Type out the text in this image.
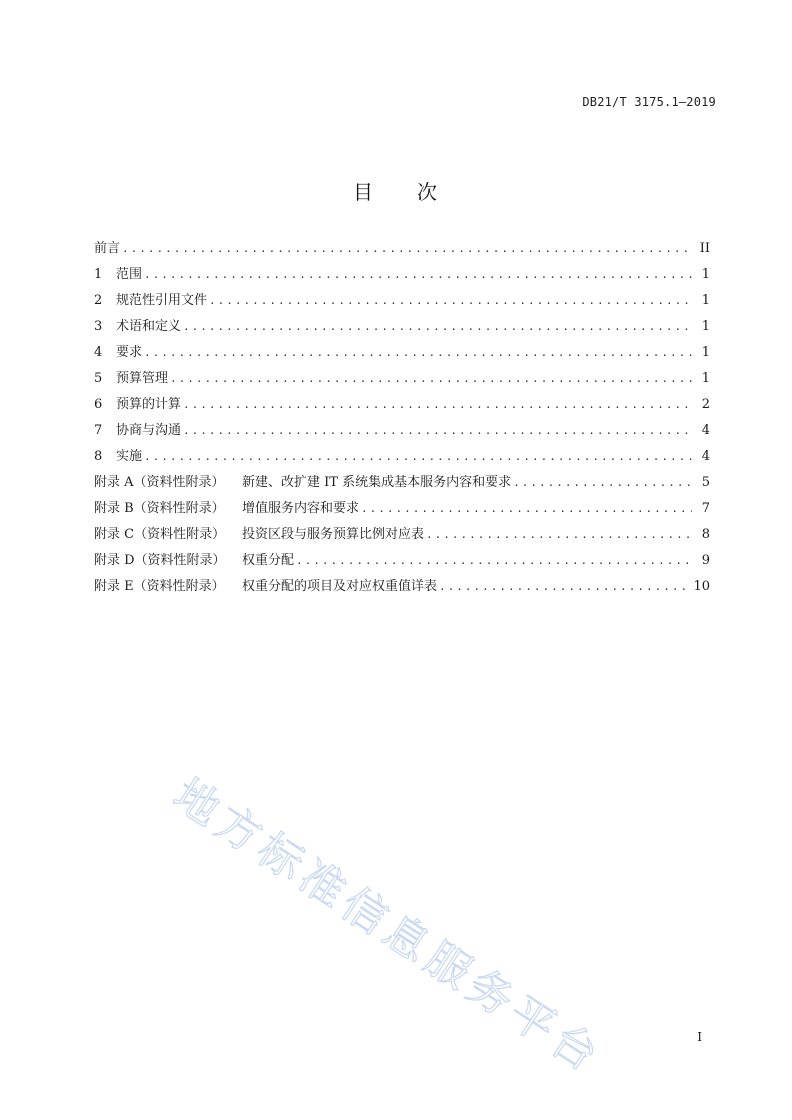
DB21/T 3175.1—2019
目 次
前言 .....	II
1	范围 .....	1
2	规范性引用文件 .....	1
3	术语和定义 .....	1
4	要求 .....	1
5	预算管理 .....	1
6	预算的计算 .....	2
7	协商与沟通 .....	4
8	实施 .....	4
附录 A（资料性附录）	新建、改扩建 IT 系统集成基本服务内容和要求 .....	5
附录 B（资料性附录）	增值服务内容和要求 .....	7
附录 C（资料性附录）	投资区段与服务预算比例对应表 .....	8
附录 D（资料性附录）	权重分配 .....	9
附录 E（资料性附录）	权重分配的项目及对应权重值详表 .....	10
地方标准信息服务平台	I
